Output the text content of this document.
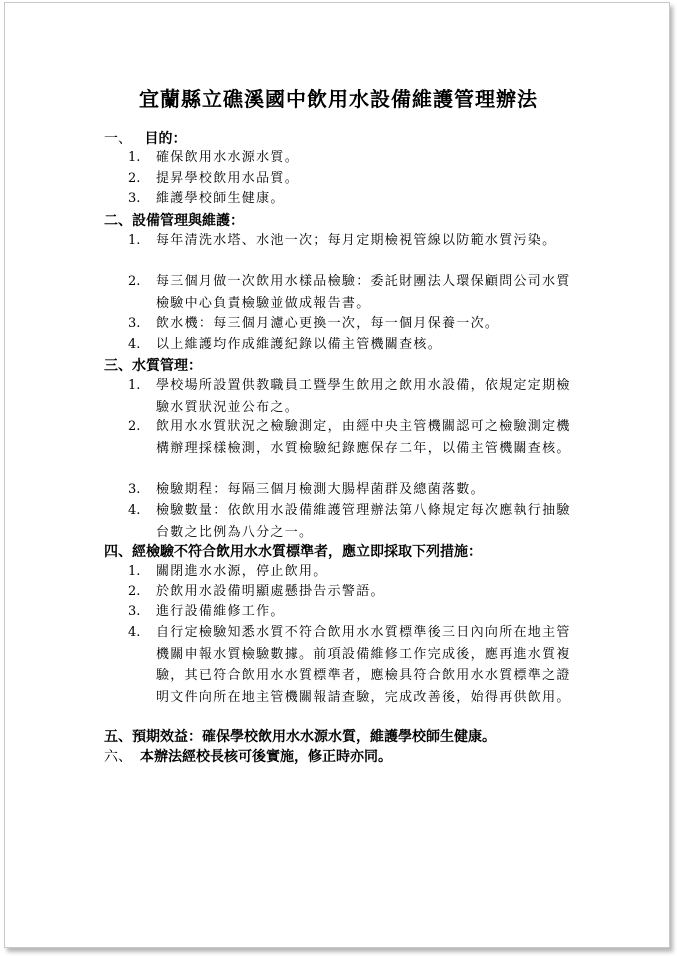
宜蘭縣立礁溪國中飲用水設備維護管理辦法
一、 目的：
1. 確保飲用水水源水質。
2. 提昇學校飲用水品質。
3. 維護學校師生健康。
二、設備管理與維護：
1. 每年清洗水塔、水池一次；每月定期檢視管線以防範水質污染。
2. 每三個月做一次飲用水樣品檢驗：委託財團法人環保顧問公司水質檢驗中心負責檢驗並做成報告書。
3. 飲水機：每三個月濾心更換一次，每一個月保養一次。
4. 以上維護均作成維護紀錄以備主管機關查核。
三、水質管理：
1. 學校場所設置供教職員工暨學生飲用之飲用水設備，依規定定期檢驗水質狀況並公布之。
2. 飲用水水質狀況之檢驗測定，由經中央主管機關認可之檢驗測定機構辦理採樣檢測，水質檢驗紀錄應保存二年，以備主管機關查核。
3. 檢驗期程：每隔三個月檢測大腸桿菌群及總菌落數。
4. 檢驗數量：依飲用水設備維護管理辦法第八條規定每次應執行抽驗台數之比例為八分之一。
四、經檢驗不符合飲用水水質標準者，應立即採取下列措施：
1. 關閉進水水源，停止飲用。
2. 於飲用水設備明顯處懸掛告示警語。
3. 進行設備維修工作。
4. 自行定檢驗知悉水質不符合飲用水水質標準後三日內向所在地主管機關申報水質檢驗數據。前項設備維修工作完成後，應再進水質複驗，其已符合飲用水水質標準者，應檢具符合飲用水水質標準之證明文件向所在地主管機關報請查驗，完成改善後，始得再供飲用。
五、預期效益：確保學校飲用水水源水質，維護學校師生健康。
六、 本辦法經校長核可後實施，修正時亦同。
